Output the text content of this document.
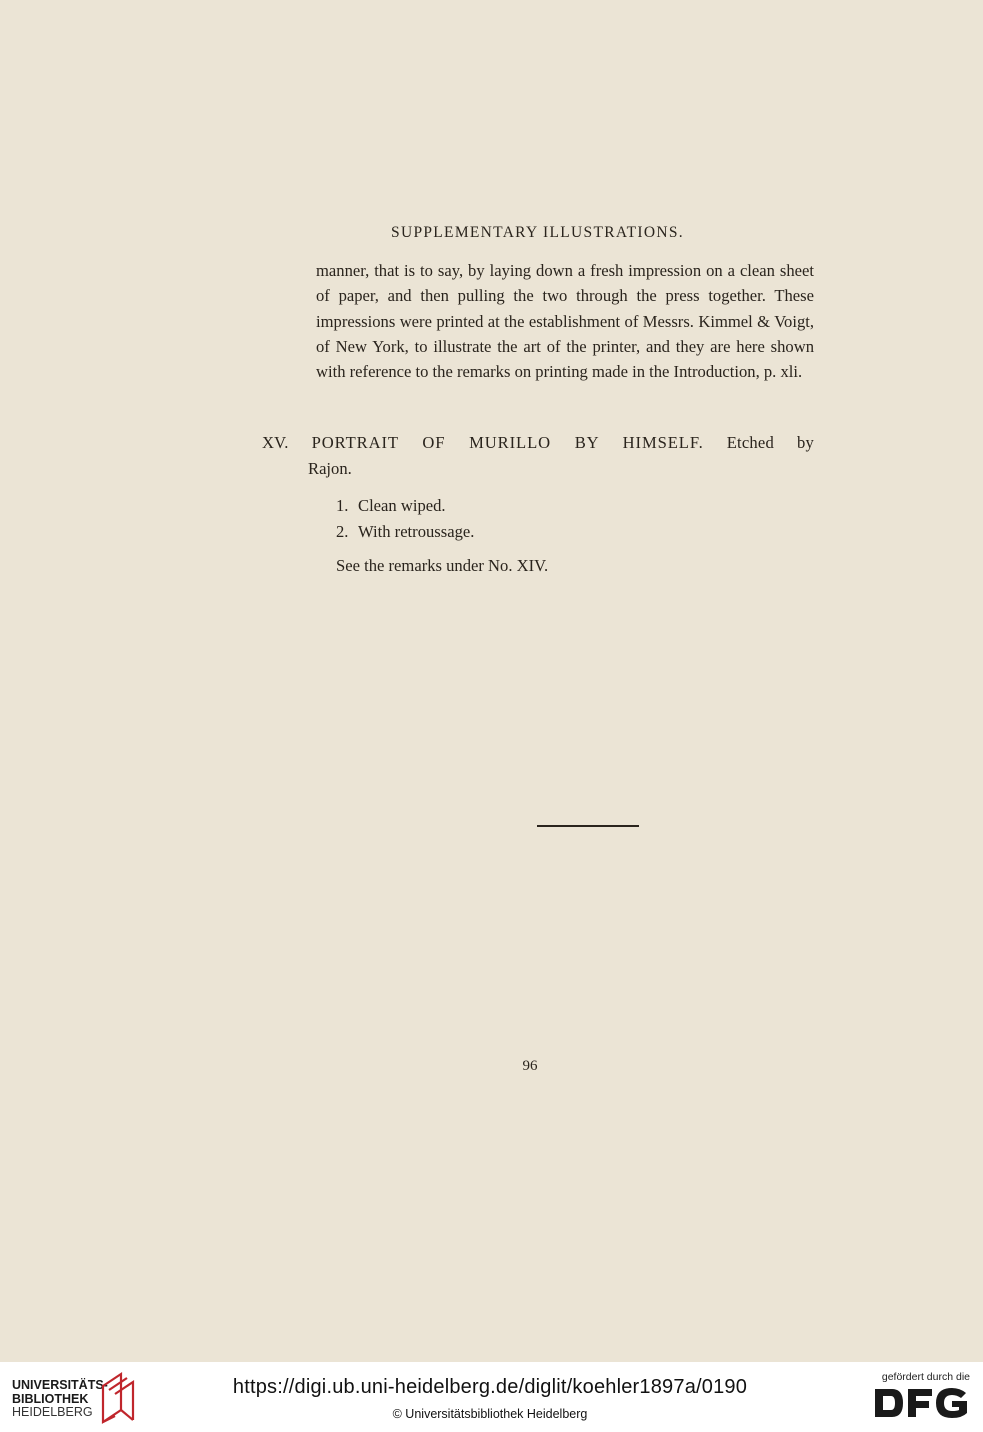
SUPPLEMENTARY ILLUSTRATIONS.

manner, that is to say, by laying down a fresh impression on a clean sheet of paper, and then pulling the two through the press together. These impressions were printed at the establishment of Messrs. Kimmel & Voigt, of New York, to illustrate the art of the printer, and they are here shown with reference to the remarks on printing made in the Introduction, p. xli.

XV. PORTRAIT OF MURILLO BY HIMSELF. Etched by

Rajon.
1. Clean wiped.
2. With retroussage.
See the remarks under No. XIV.
96
UNIVERSITÄTS-
BIBLIOTHEK
HEIDELBERG
https://digi.ub.uni-heidelberg.de/diglit/koehler1897a/0190
© Universitätsbibliothek Heidelberg
gefördert durch die
